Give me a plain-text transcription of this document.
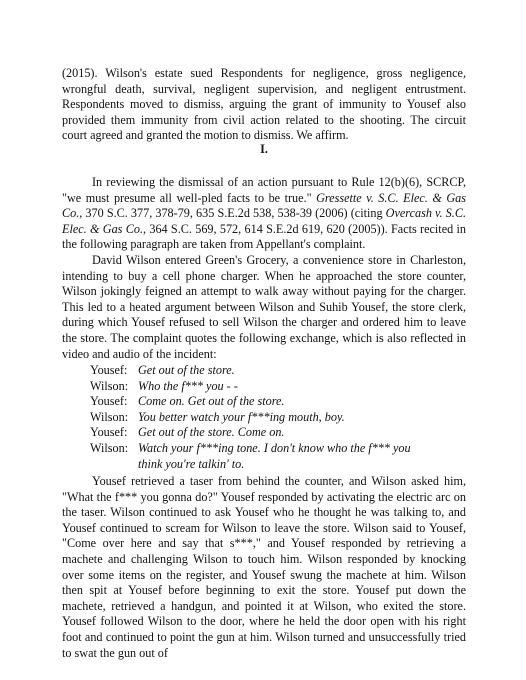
(2015). Wilson's estate sued Respondents for negligence, gross negligence, wrongful death, survival, negligent supervision, and negligent entrustment. Respondents moved to dismiss, arguing the grant of immunity to Yousef also provided them immunity from civil action related to the shooting. The circuit court agreed and granted the motion to dismiss. We affirm.

I.

In reviewing the dismissal of an action pursuant to Rule 12(b)(6), SCRCP, "we must presume all well-pled facts to be true." Gressette v. S.C. Elec. & Gas Co., 370 S.C. 377, 378-79, 635 S.E.2d 538, 538-39 (2006) (citing Overcash v. S.C. Elec. & Gas Co., 364 S.C. 569, 572, 614 S.E.2d 619, 620 (2005)). Facts recited in the following paragraph are taken from Appellant's complaint.

David Wilson entered Green's Grocery, a convenience store in Charleston, intending to buy a cell phone charger. When he approached the store counter, Wilson jokingly feigned an attempt to walk away without paying for the charger. This led to a heated argument between Wilson and Suhib Yousef, the store clerk, during which Yousef refused to sell Wilson the charger and ordered him to leave the store. The complaint quotes the following exchange, which is also reflected in video and audio of the incident:

Yousef: Get out of the store.
Wilson: Who the f*** you - -
Yousef: Come on. Get out of the store.
Wilson: You better watch your f***ing mouth, boy.
Yousef: Get out of the store. Come on.
Wilson: Watch your f***ing tone. I don't know who the f*** you think you're talkin' to.

Yousef retrieved a taser from behind the counter, and Wilson asked him, "What the f*** you gonna do?" Yousef responded by activating the electric arc on the taser. Wilson continued to ask Yousef who he thought he was talking to, and Yousef continued to scream for Wilson to leave the store. Wilson said to Yousef, "Come over here and say that s***," and Yousef responded by retrieving a machete and challenging Wilson to touch him. Wilson responded by knocking over some items on the register, and Yousef swung the machete at him. Wilson then spit at Yousef before beginning to exit the store. Yousef put down the machete, retrieved a handgun, and pointed it at Wilson, who exited the store. Yousef followed Wilson to the door, where he held the door open with his right foot and continued to point the gun at him. Wilson turned and unsuccessfully tried to swat the gun out of
